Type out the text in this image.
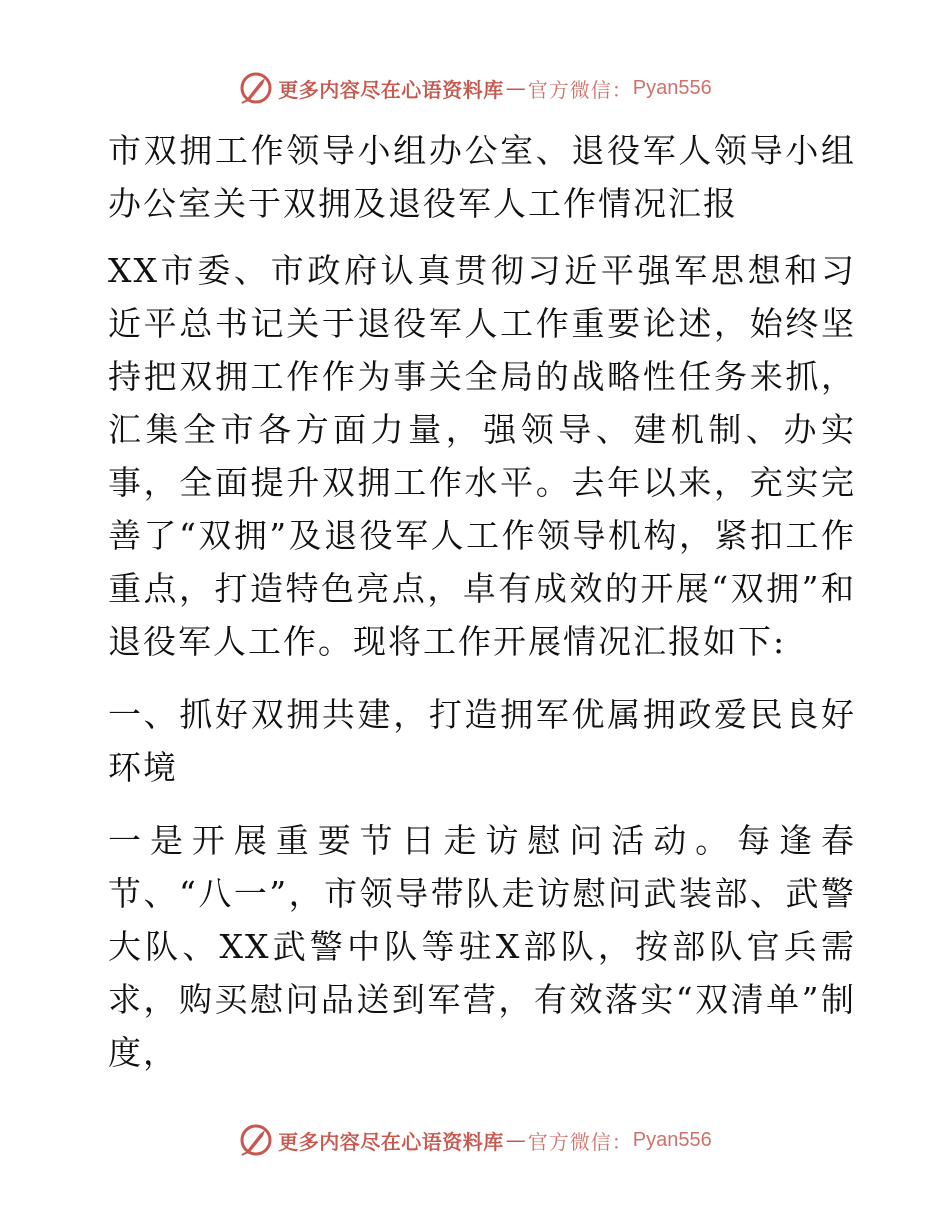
更多内容尽在心语资料库 — 官方微信： Pyan556

市双拥工作领导小组办公室、退役军人领导小组办公室关于双拥及退役军人工作情况汇报

XX市委、市政府认真贯彻习近平强军思想和习近平总书记关于退役军人工作重要论述，始终坚持把双拥工作作为事关全局的战略性任务来抓，汇集全市各方面力量，强领导、建机制、办实事，全面提升双拥工作水平。去年以来，充实完善了“双拥”及退役军人工作领导机构，紧扣工作重点，打造特色亮点，卓有成效的开展“双拥”和退役军人工作。现将工作开展情况汇报如下:

一、抓好双拥共建，打造拥军优属拥政爱民良好环境

一是开展重要节日走访慰问活动。每逢春节、“八一”，市领导带队走访慰问武装部、武警大队、XX武警中队等驻X部队，按部队官兵需求，购买慰问品送到军营，有效落实“双清单”制度，

更多内容尽在心语资料库 — 官方微信： Pyan556
